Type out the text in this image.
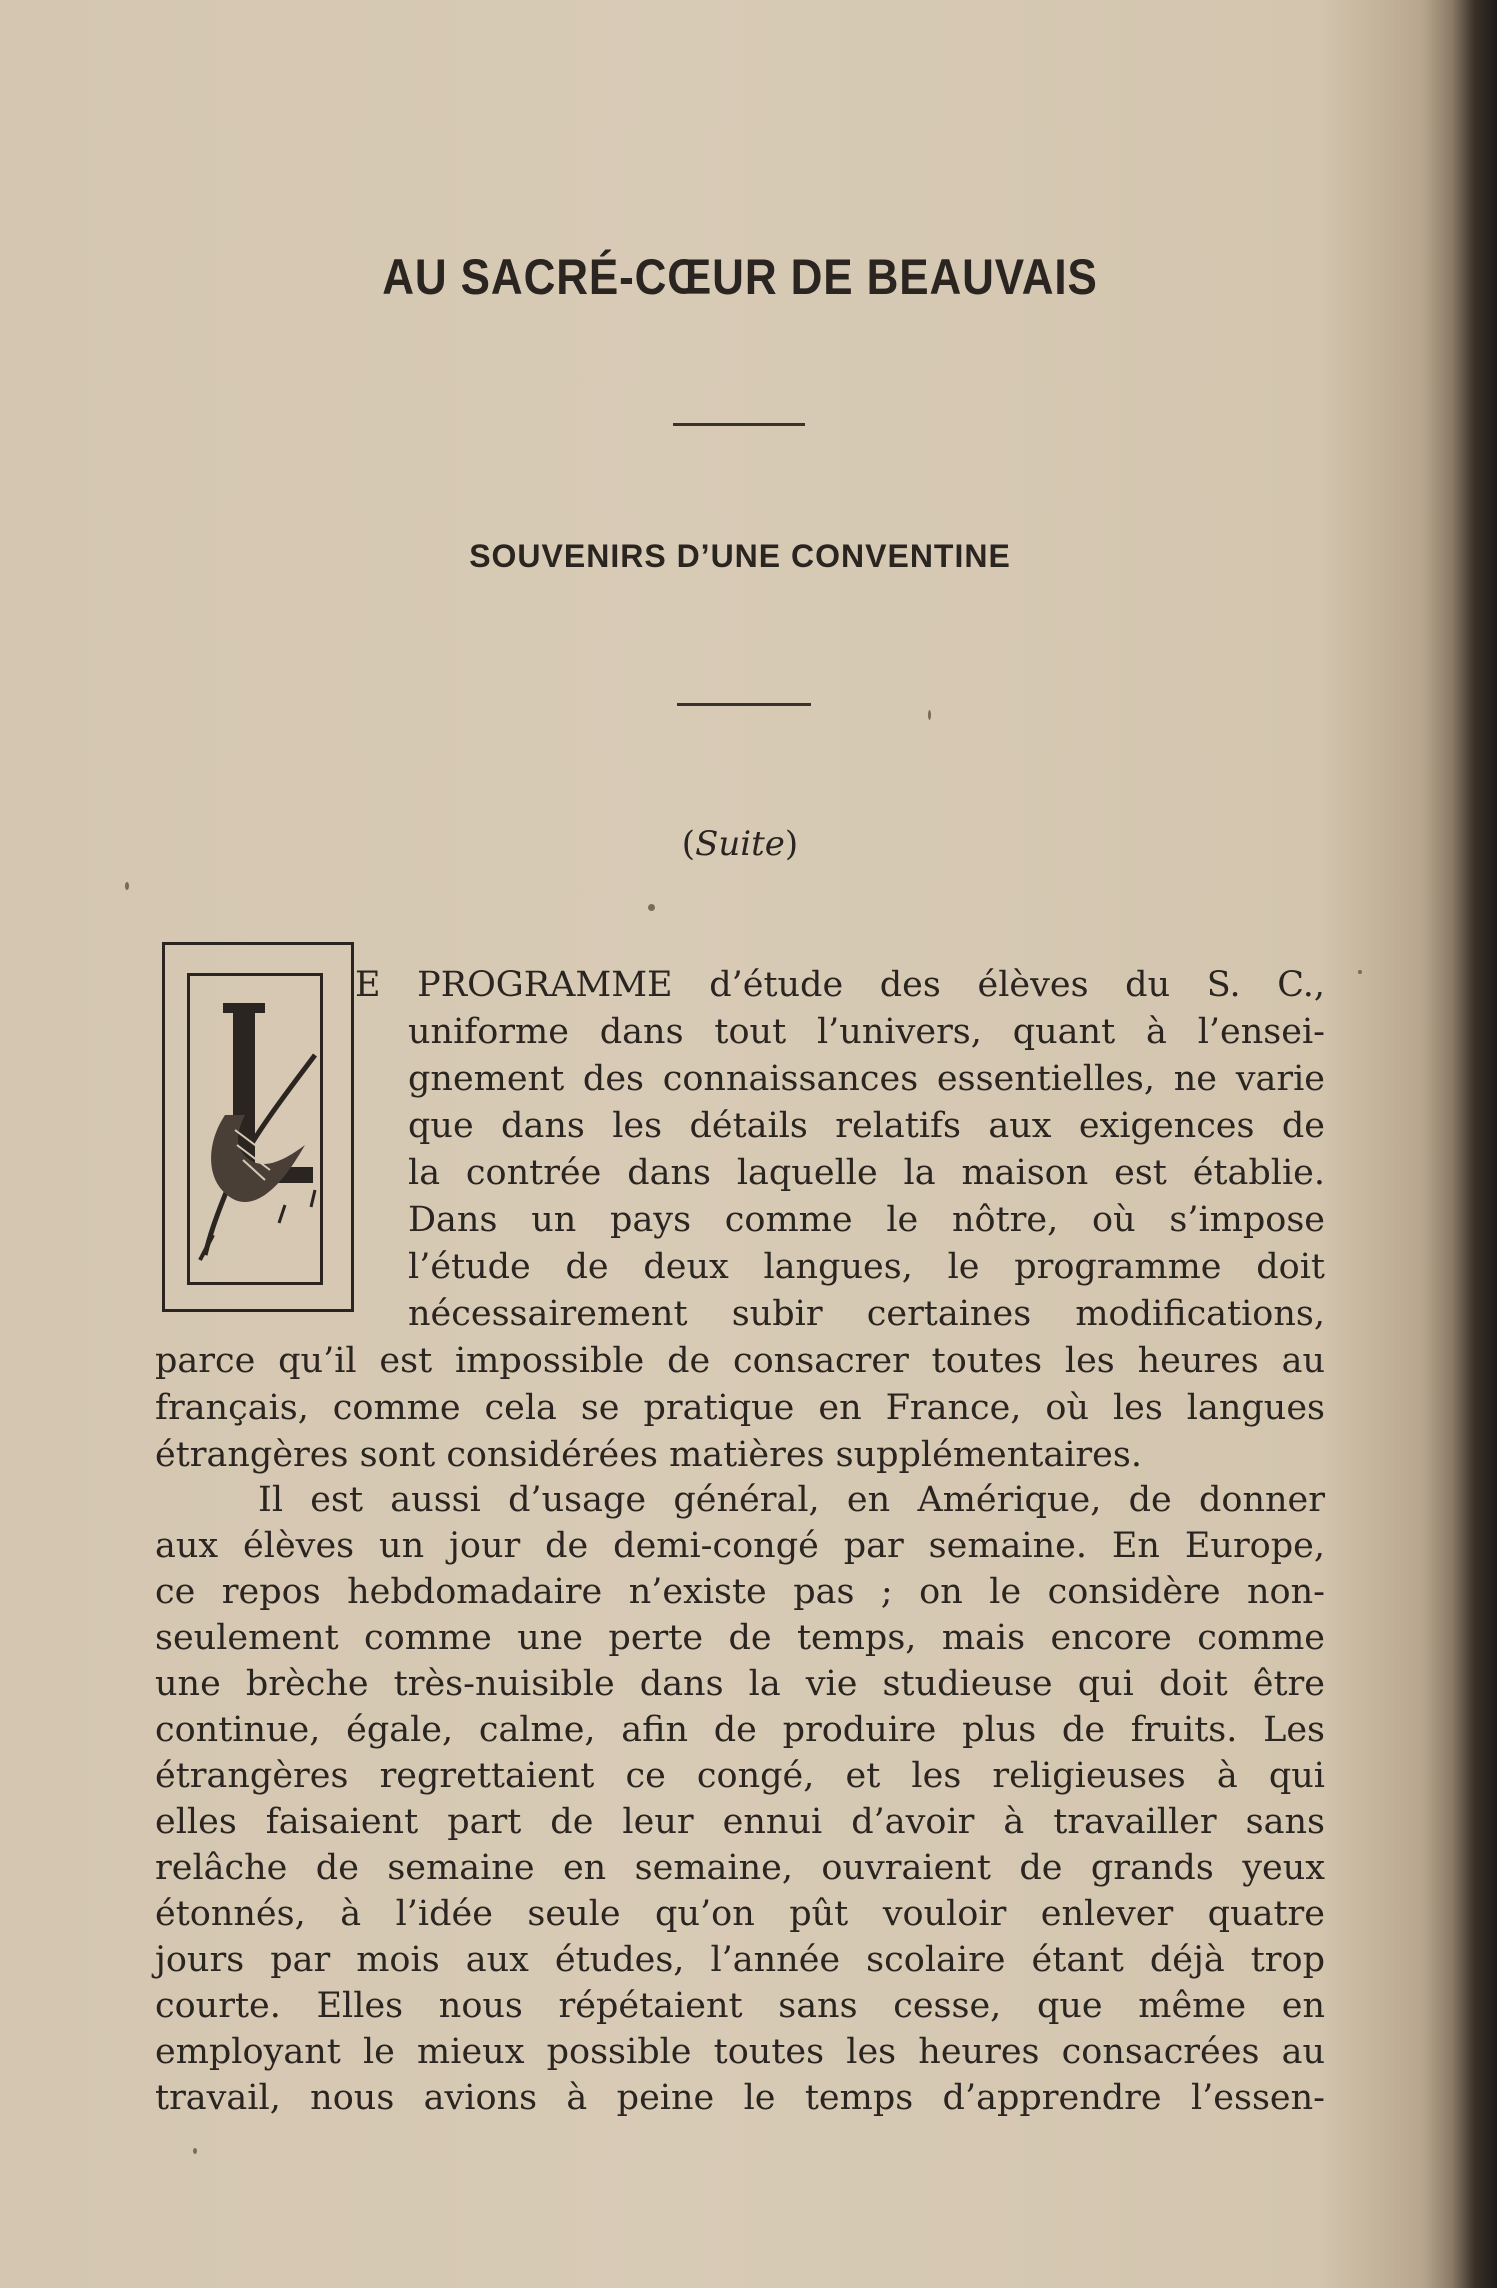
AU SACRÉ-CŒUR DE BEAUVAIS
SOUVENIRS D’UNE CONVENTINE
(Suite)
E PROGRAMME d’étude des élèves du S. C.,
uniforme dans tout l’univers, quant à l’ensei-
gnement des connaissances essentielles, ne varie
que dans les détails relatifs aux exigences de
la contrée dans laquelle la maison est établie.
Dans un pays comme le nôtre, où s’impose
l’étude de deux langues, le programme doit
nécessairement subir certaines modifications,
parce qu’il est impossible de consacrer toutes les heures au
français, comme cela se pratique en France, où les langues
étrangères sont considérées matières supplémentaires.
Il est aussi d’usage général, en Amérique, de donner
aux élèves un jour de demi-congé par semaine. En Europe,
ce repos hebdomadaire n’existe pas ; on le considère non-
seulement comme une perte de temps, mais encore comme
une brèche très-nuisible dans la vie studieuse qui doit être
continue, égale, calme, afin de produire plus de fruits. Les
étrangères regrettaient ce congé, et les religieuses à qui
elles faisaient part de leur ennui d’avoir à travailler sans
relâche de semaine en semaine, ouvraient de grands yeux
étonnés, à l’idée seule qu’on pût vouloir enlever quatre
jours par mois aux études, l’année scolaire étant déjà trop
courte. Elles nous répétaient sans cesse, que même en
employant le mieux possible toutes les heures consacrées au
travail, nous avions à peine le temps d’apprendre l’essen-
